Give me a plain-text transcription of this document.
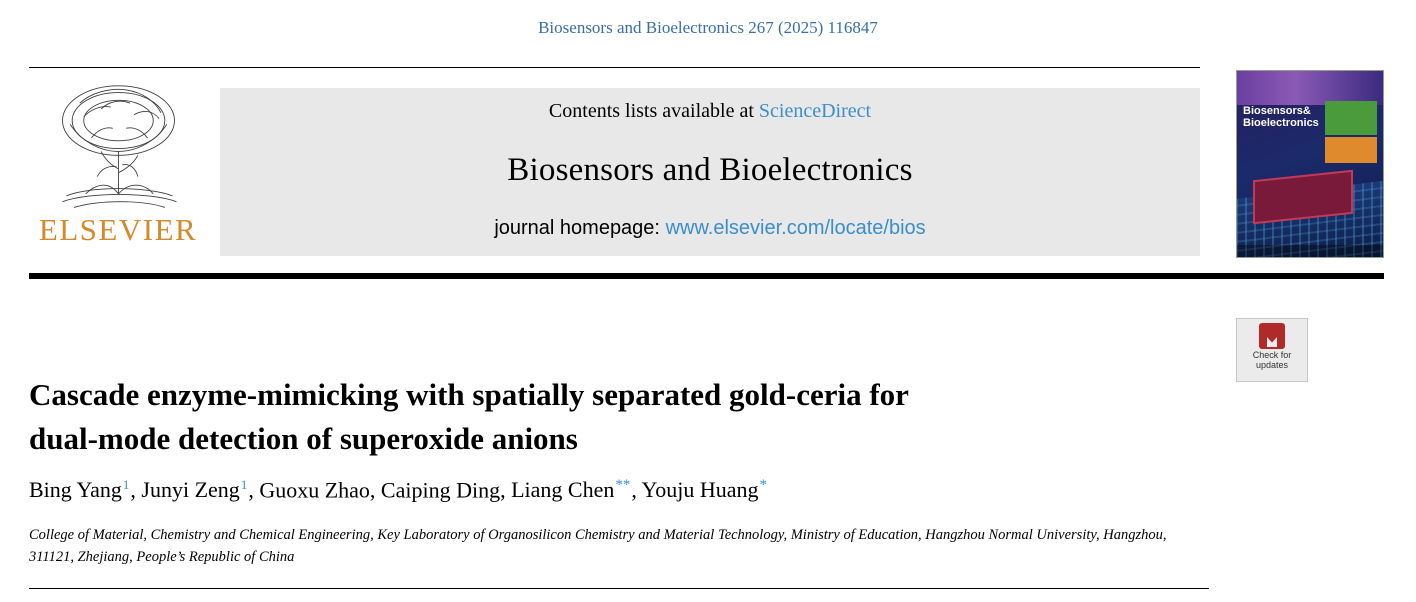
Biosensors and Bioelectronics 267 (2025) 116847
ELSEVIER
Contents lists available at ScienceDirect
Biosensors and Bioelectronics
journal homepage: www.elsevier.com/locate/bios
Biosensors& Bioelectronics
Check for
updates
Cascade enzyme-mimicking with spatially separated gold-ceria for
dual-mode detection of superoxide anions
Bing Yang$^1$, Junyi Zeng$^1$, Guoxu Zhao, Caiping Ding, Liang Chen**, Youju Huang*
College of Material, Chemistry and Chemical Engineering, Key Laboratory of Organosilicon Chemistry and Material Technology, Ministry of Education, Hangzhou Normal University, Hangzhou, 311121, Zhejiang, People’s Republic of China
